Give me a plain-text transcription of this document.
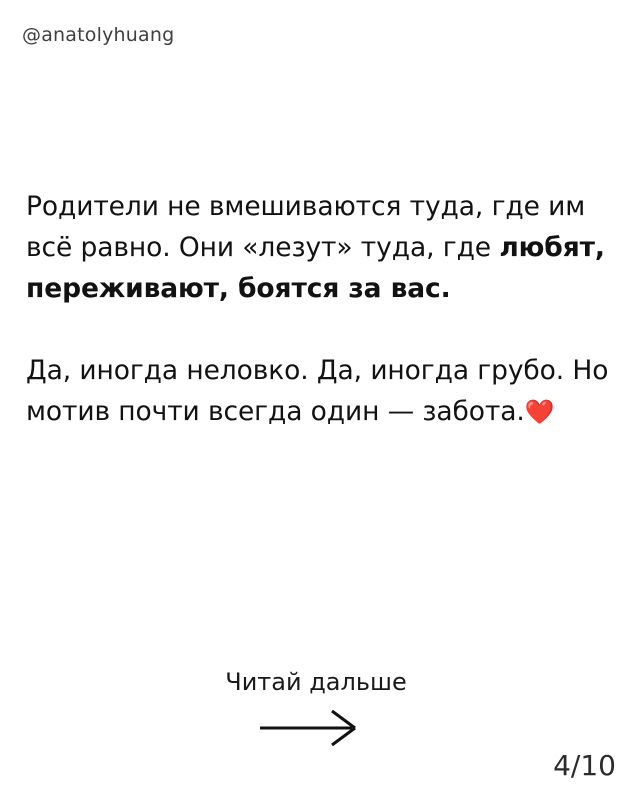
@anatolyhuang
Родители не вмешиваются туда, где им всё равно. Они «лезут» туда, где любят, переживают, боятся за вас.
Да, иногда неловко. Да, иногда грубо. Но мотив почти всегда один — забота.❤️
Читай дальше
4/10
